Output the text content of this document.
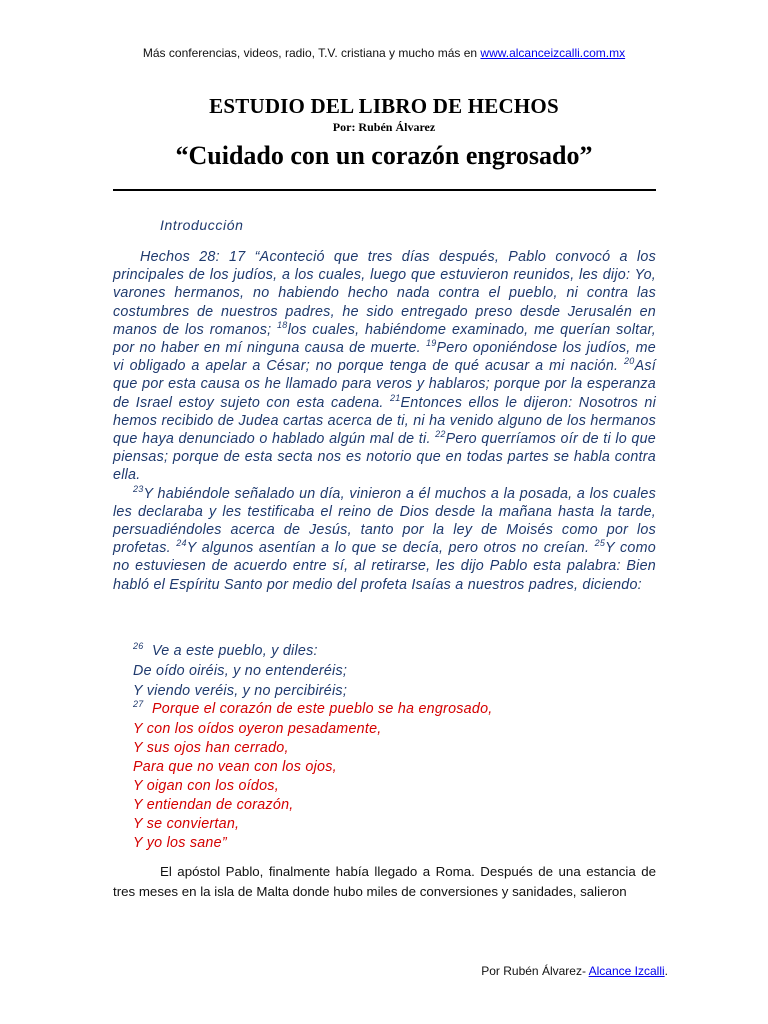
Más conferencias, videos, radio, T.V. cristiana y mucho más en www.alcanceizcalli.com.mx
ESTUDIO DEL LIBRO DE HECHOS
Por: Rubén Álvarez
“Cuidado con un corazón engrosado”
Introducción

Hechos 28: 17 “Aconteció que tres días después, Pablo convocó a los principales de los judíos, a los cuales, luego que estuvieron reunidos, les dijo: Yo, varones hermanos, no habiendo hecho nada contra el pueblo, ni contra las costumbres de nuestros padres, he sido entregado preso desde Jerusalén en manos de los romanos; $^{18}$los cuales, habiéndome examinado, me querían soltar, por no haber en mí ninguna causa de muerte. $^{19}$Pero oponiéndose los judíos, me vi obligado a apelar a César; no porque tenga de qué acusar a mi nación. $^{20}$Así que por esta causa os he llamado para veros y hablaros; porque por la esperanza de Israel estoy sujeto con esta cadena. $^{21}$Entonces ellos le dijeron: Nosotros ni hemos recibido de Judea cartas acerca de ti, ni ha venido alguno de los hermanos que haya denunciado o hablado algún mal de ti. $^{22}$Pero querríamos oír de ti lo que piensas; porque de esta secta nos es notorio que en todas partes se habla contra ella.

$^{23}$Y habiéndole señalado un día, vinieron a él muchos a la posada, a los cuales les declaraba y les testificaba el reino de Dios desde la mañana hasta la tarde, persuadiéndoles acerca de Jesús, tanto por la ley de Moisés como por los profetas. $^{24}$Y algunos asentían a lo que se decía, pero otros no creían. $^{25}$Y como no estuviesen de acuerdo entre sí, al retirarse, les dijo Pablo esta palabra: Bien habló el Espíritu Santo por medio del profeta Isaías a nuestros padres, diciendo:

$^{26}$ Ve a este pueblo, y diles:
De oído oiréis, y no entenderéis;
Y viendo veréis, y no percibiréis;
$^{27}$ Porque el corazón de este pueblo se ha engrosado,
Y con los oídos oyeron pesadamente,
Y sus ojos han cerrado,
Para que no vean con los ojos,
Y oigan con los oídos,
Y entiendan de corazón,
Y se conviertan,
Y yo los sane”

El apóstol Pablo, finalmente había llegado a Roma. Después de una estancia de tres meses en la isla de Malta donde hubo miles de conversiones y sanidades, salieron

Por Rubén Álvarez- Alcance Izcalli.
